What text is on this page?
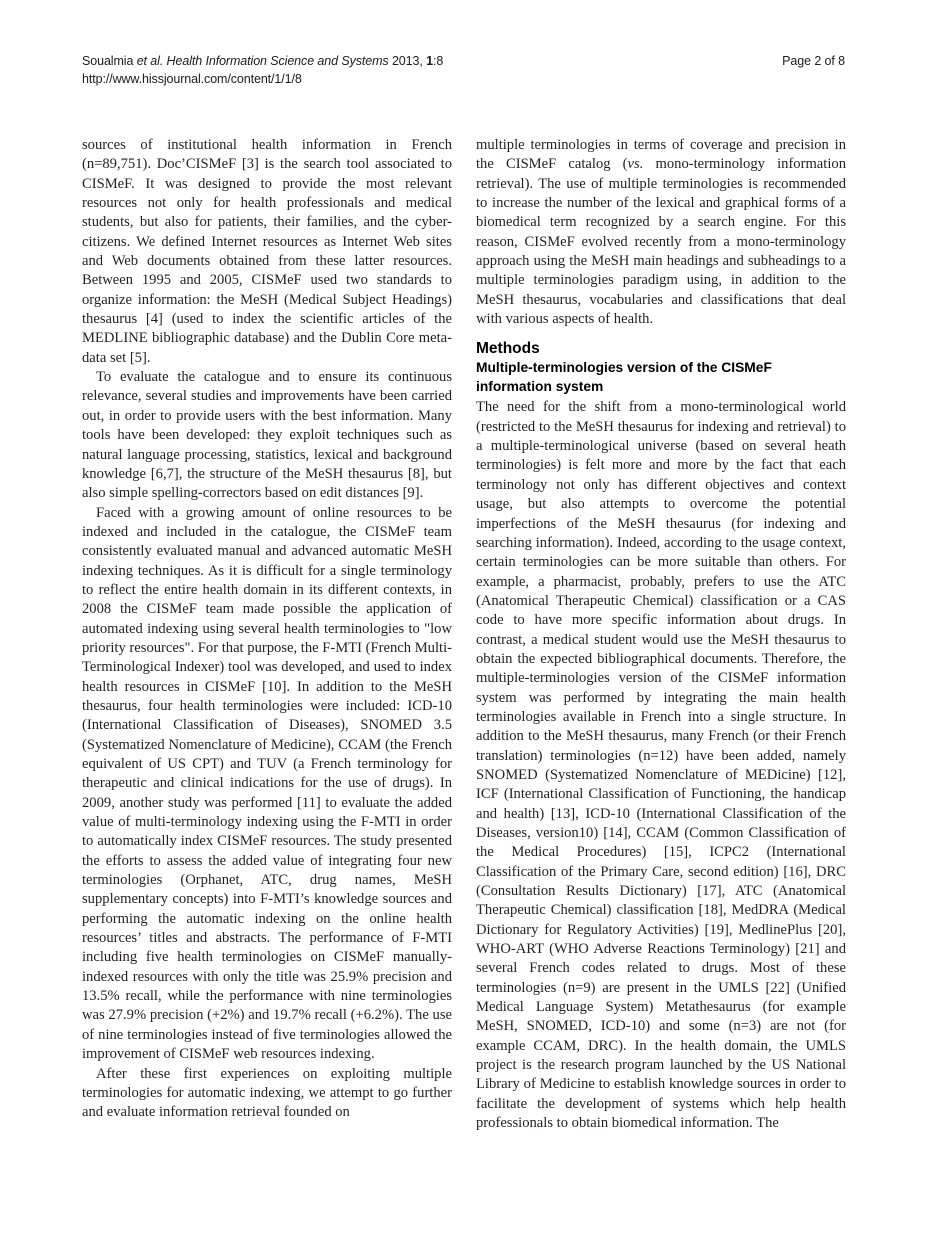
Soualmia et al. Health Information Science and Systems 2013, 1:8
http://www.hissjournal.com/content/1/1/8
Page 2 of 8

sources of institutional health information in French (n=89,751). Doc’CISMeF [3] is the search tool associated to CISMeF. It was designed to provide the most relevant resources not only for health professionals and medical students, but also for patients, their families, and the cyber-citizens. We defined Internet resources as Internet Web sites and Web documents obtained from these latter resources. Between 1995 and 2005, CISMeF used two standards to organize information: the MeSH (Medical Subject Headings) thesaurus [4] (used to index the scientific articles of the MEDLINE bibliographic database) and the Dublin Core meta-data set [5].

To evaluate the catalogue and to ensure its continuous relevance, several studies and improvements have been carried out, in order to provide users with the best information. Many tools have been developed: they exploit techniques such as natural language processing, statistics, lexical and background knowledge [6,7], the structure of the MeSH thesaurus [8], but also simple spelling-correctors based on edit distances [9].

Faced with a growing amount of online resources to be indexed and included in the catalogue, the CISMeF team consistently evaluated manual and advanced automatic MeSH indexing techniques. As it is difficult for a single terminology to reflect the entire health domain in its different contexts, in 2008 the CISMeF team made possible the application of automated indexing using several health terminologies to "low priority resources". For that purpose, the F-MTI (French Multi-Terminological Indexer) tool was developed, and used to index health resources in CISMeF [10]. In addition to the MeSH thesaurus, four health terminologies were included: ICD-10 (International Classification of Diseases), SNOMED 3.5 (Systematized Nomenclature of Medicine), CCAM (the French equivalent of US CPT) and TUV (a French terminology for therapeutic and clinical indications for the use of drugs). In 2009, another study was performed [11] to evaluate the added value of multi-terminology indexing using the F-MTI in order to automatically index CISMeF resources. The study presented the efforts to assess the added value of integrating four new terminologies (Orphanet, ATC, drug names, MeSH supplementary concepts) into F-MTI’s knowledge sources and performing the automatic indexing on the online health resources’ titles and abstracts. The performance of F-MTI including five health terminologies on CISMeF manually-indexed resources with only the title was 25.9% precision and 13.5% recall, while the performance with nine terminologies was 27.9% precision (+2%) and 19.7% recall (+6.2%). The use of nine terminologies instead of five terminologies allowed the improvement of CISMeF web resources indexing.

After these first experiences on exploiting multiple terminologies for automatic indexing, we attempt to go further and evaluate information retrieval founded on

multiple terminologies in terms of coverage and precision in the CISMeF catalog (vs. mono-terminology information retrieval). The use of multiple terminologies is recommended to increase the number of the lexical and graphical forms of a biomedical term recognized by a search engine. For this reason, CISMeF evolved recently from a mono-terminology approach using the MeSH main headings and subheadings to a multiple terminologies paradigm using, in addition to the MeSH thesaurus, vocabularies and classifications that deal with various aspects of health.

Methods
Multiple-terminologies version of the CISMeF information system

The need for the shift from a mono-terminological world (restricted to the MeSH thesaurus for indexing and retrieval) to a multiple-terminological universe (based on several heath terminologies) is felt more and more by the fact that each terminology not only has different objectives and context usage, but also attempts to overcome the potential imperfections of the MeSH thesaurus (for indexing and searching information). Indeed, according to the usage context, certain terminologies can be more suitable than others. For example, a pharmacist, probably, prefers to use the ATC (Anatomical Therapeutic Chemical) classification or a CAS code to have more specific information about drugs. In contrast, a medical student would use the MeSH thesaurus to obtain the expected bibliographical documents. Therefore, the multiple-terminologies version of the CISMeF information system was performed by integrating the main health terminologies available in French into a single structure. In addition to the MeSH thesaurus, many French (or their French translation) terminologies (n=12) have been added, namely SNOMED (Systematized Nomenclature of MEDicine) [12], ICF (International Classification of Functioning, the handicap and health) [13], ICD-10 (International Classification of the Diseases, version10) [14], CCAM (Common Classification of the Medical Procedures) [15], ICPC2 (International Classification of the Primary Care, second edition) [16], DRC (Consultation Results Dictionary) [17], ATC (Anatomical Therapeutic Chemical) classification [18], MedDRA (Medical Dictionary for Regulatory Activities) [19], MedlinePlus [20], WHO-ART (WHO Adverse Reactions Terminology) [21] and several French codes related to drugs. Most of these terminologies (n=9) are present in the UMLS [22] (Unified Medical Language System) Metathesaurus (for example MeSH, SNOMED, ICD-10) and some (n=3) are not (for example CCAM, DRC). In the health domain, the UMLS project is the research program launched by the US National Library of Medicine to establish knowledge sources in order to facilitate the development of systems which help health professionals to obtain biomedical information. The
